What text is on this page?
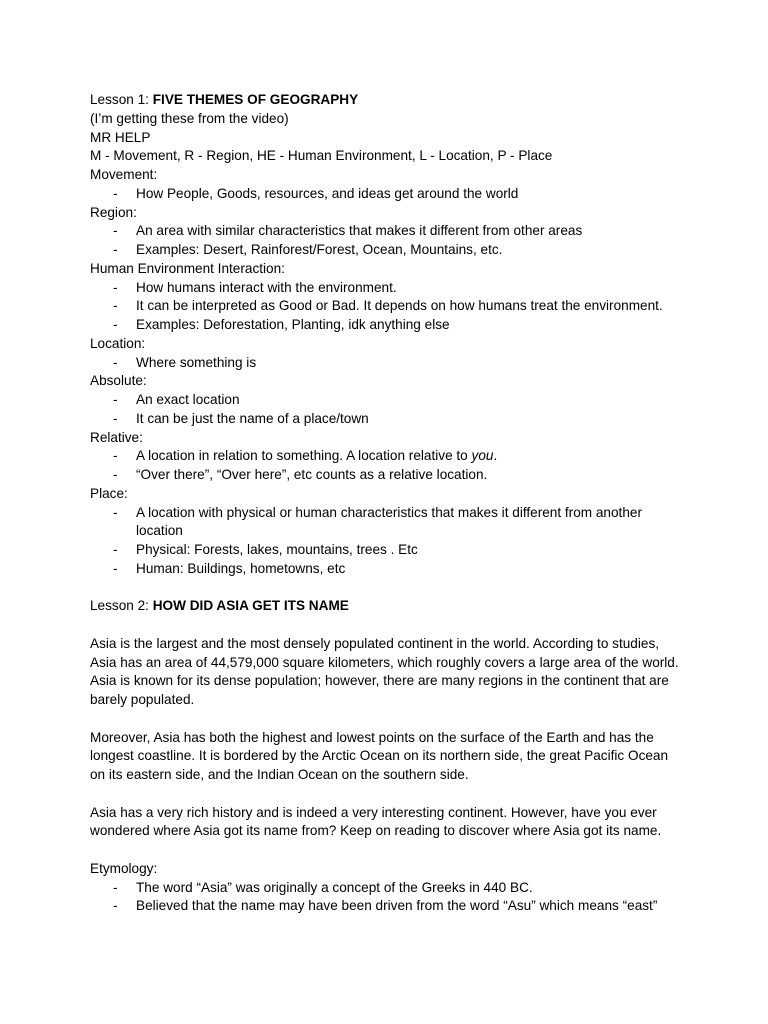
Lesson 1: FIVE THEMES OF GEOGRAPHY
(I’m getting these from the video)
MR HELP
M - Movement, R - Region, HE - Human Environment, L - Location, P - Place
Movement:
- How People, Goods, resources, and ideas get around the world
Region:
- An area with similar characteristics that makes it different from other areas
- Examples: Desert, Rainforest/Forest, Ocean, Mountains, etc.
Human Environment Interaction:
- How humans interact with the environment.
- It can be interpreted as Good or Bad. It depends on how humans treat the environment.
- Examples: Deforestation, Planting, idk anything else
Location:
- Where something is
Absolute:
- An exact location
- It can be just the name of a place/town
Relative:
- A location in relation to something. A location relative to you.
- “Over there”, “Over here”, etc counts as a relative location.
Place:
- A location with physical or human characteristics that makes it different from another location
- Physical: Forests, lakes, mountains, trees . Etc
- Human: Buildings, hometowns, etc
Lesson 2: HOW DID ASIA GET ITS NAME
Asia is the largest and the most densely populated continent in the world. According to studies, Asia has an area of 44,579,000 square kilometers, which roughly covers a large area of the world. Asia is known for its dense population; however, there are many regions in the continent that are barely populated.
Moreover, Asia has both the highest and lowest points on the surface of the Earth and has the longest coastline. It is bordered by the Arctic Ocean on its northern side, the great Pacific Ocean on its eastern side, and the Indian Ocean on the southern side.
Asia has a very rich history and is indeed a very interesting continent. However, have you ever wondered where Asia got its name from? Keep on reading to discover where Asia got its name.
Etymology:
- The word “Asia” was originally a concept of the Greeks in 440 BC.
- Believed that the name may have been driven from the word “Asu” which means “east”
